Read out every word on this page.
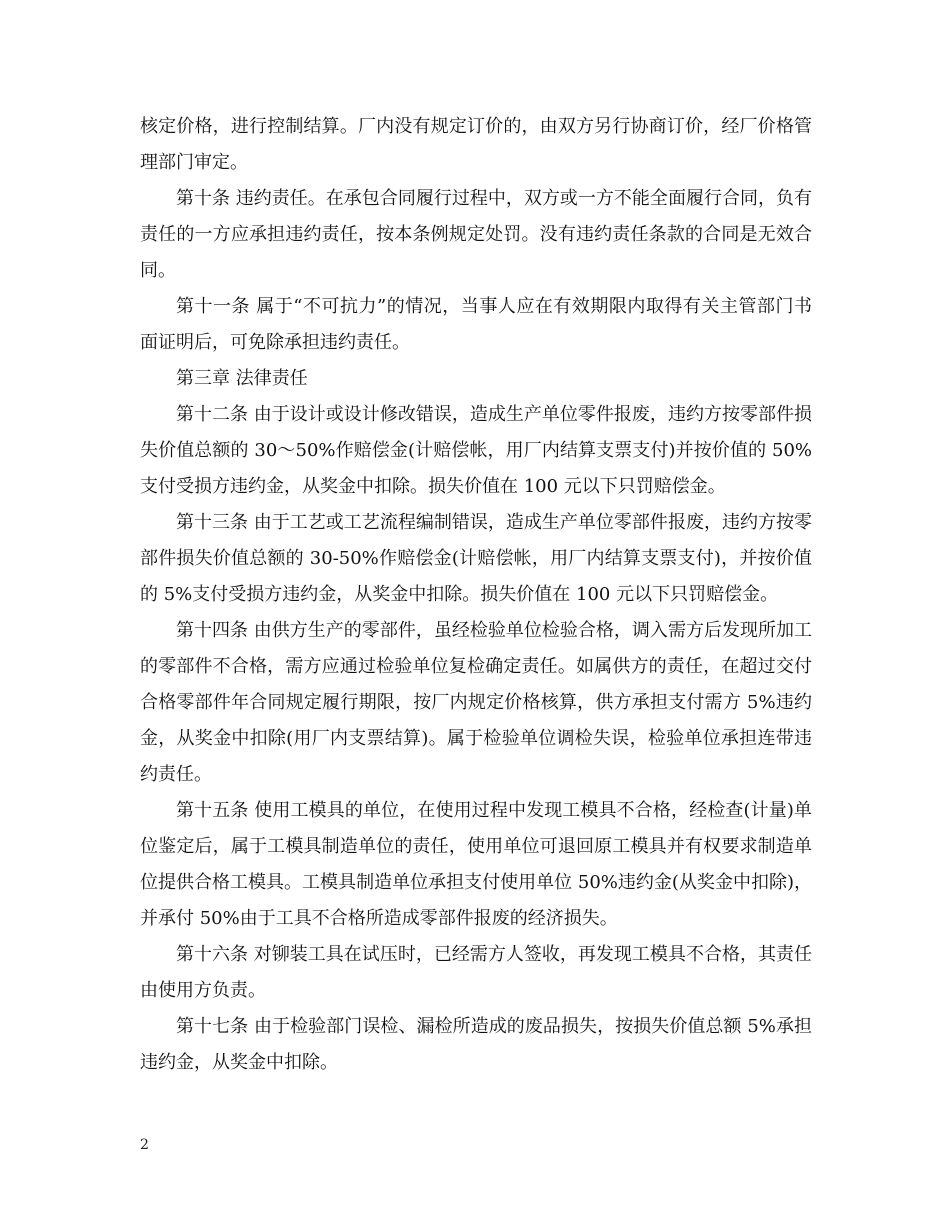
核定价格，进行控制结算。厂内没有规定订价的，由双方另行协商订价，经厂价格管理部门审定。

第十条 违约责任。在承包合同履行过程中，双方或一方不能全面履行合同，负有责任的一方应承担违约责任，按本条例规定处罚。没有违约责任条款的合同是无效合同。

第十一条 属于“不可抗力”的情况，当事人应在有效期限内取得有关主管部门书面证明后，可免除承担违约责任。

第三章 法律责任

第十二条 由于设计或设计修改错误，造成生产单位零件报废，违约方按零部件损失价值总额的 30～50%作赔偿金(计赔偿帐，用厂内结算支票支付)并按价值的 50%支付受损方违约金，从奖金中扣除。损失价值在 100 元以下只罚赔偿金。

第十三条 由于工艺或工艺流程编制错误，造成生产单位零部件报废，违约方按零部件损失价值总额的 30-50%作赔偿金(计赔偿帐，用厂内结算支票支付)，并按价值的 5%支付受损方违约金，从奖金中扣除。损失价值在 100 元以下只罚赔偿金。

第十四条 由供方生产的零部件，虽经检验单位检验合格，调入需方后发现所加工的零部件不合格，需方应通过检验单位复检确定责任。如属供方的责任，在超过交付合格零部件年合同规定履行期限，按厂内规定价格核算，供方承担支付需方 5%违约金，从奖金中扣除(用厂内支票结算)。属于检验单位调检失误，检验单位承担连带违约责任。

第十五条 使用工模具的单位，在使用过程中发现工模具不合格，经检查(计量)单位鉴定后，属于工模具制造单位的责任，使用单位可退回原工模具并有权要求制造单位提供合格工模具。工模具制造单位承担支付使用单位 50%违约金(从奖金中扣除)，并承付 50%由于工具不合格所造成零部件报废的经济损失。

第十六条 对铆装工具在试压时，已经需方人签收，再发现工模具不合格，其责任由使用方负责。

第十七条 由于检验部门误检、漏检所造成的废品损失，按损失价值总额 5%承担违约金，从奖金中扣除。

2
